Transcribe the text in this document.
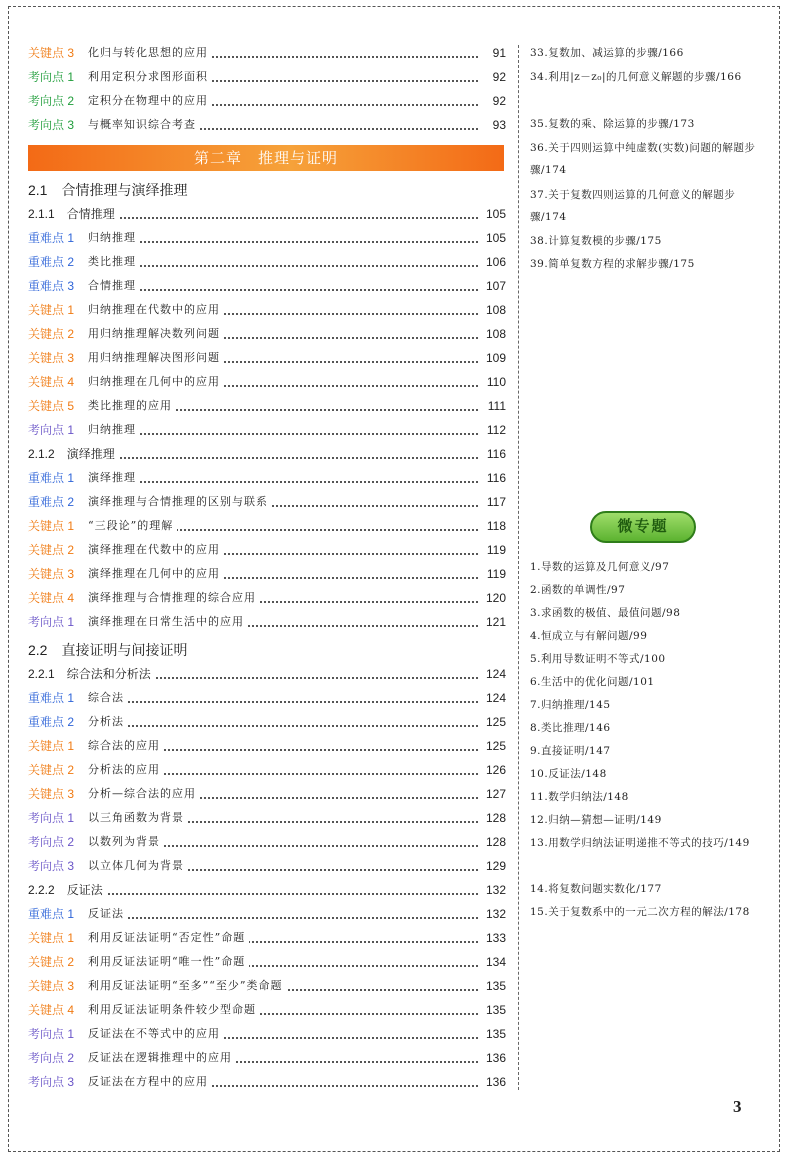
第二章　推理与证明
关键点 3 化归与转化思想的应用	91
考向点 1 利用定积分求图形面积	92
考向点 2 定积分在物理中的应用	92
考向点 3 与概率知识综合考查	93
2.1　合情推理与演绎推理
2.1.1　合情推理	105
重难点 1 归纳推理	105
重难点 2 类比推理	106
重难点 3 合情推理	107
关键点 1 归纳推理在代数中的应用	108
关键点 2 用归纳推理解决数列问题	108
关键点 3 用归纳推理解决图形问题	109
关键点 4 归纳推理在几何中的应用	110
关键点 5 类比推理的应用	111
考向点 1 归纳推理	112
2.1.2　演绎推理	116
重难点 1 演绎推理	116
重难点 2 演绎推理与合情推理的区别与联系	117
关键点 1 “三段论”的理解	118
关键点 2 演绎推理在代数中的应用	119
关键点 3 演绎推理在几何中的应用	119
关键点 4 演绎推理与合情推理的综合应用	120
考向点 1 演绎推理在日常生活中的应用	121
2.2　直接证明与间接证明
2.2.1　综合法和分析法	124
重难点 1 综合法	124
重难点 2 分析法	125
关键点 1 综合法的应用	125
关键点 2 分析法的应用	126
关键点 3 分析—综合法的应用	127
考向点 1 以三角函数为背景	128
考向点 2 以数列为背景	128
考向点 3 以立体几何为背景	129
2.2.2　反证法	132
重难点 1 反证法	132
关键点 1 利用反证法证明“否定性”命题	133
关键点 2 利用反证法证明“唯一性”命题	134
关键点 3 利用反证法证明“至多”“至少”类命题	135
关键点 4 利用反证法证明条件较少型命题	135
考向点 1 反证法在不等式中的应用	135
考向点 2 反证法在逻辑推理中的应用	136
考向点 3 反证法在方程中的应用	136
33.复数加、减运算的步骤/166
34.利用|z－z₀|的几何意义解题的步骤/166
35.复数的乘、除运算的步骤/173
36.关于四则运算中纯虚数(实数)问题的解题步骤/174
37.关于复数四则运算的几何意义的解题步骤/174
38.计算复数模的步骤/175
39.简单复数方程的求解步骤/175
1.导数的运算及几何意义/97
2.函数的单调性/97
3.求函数的极值、最值问题/98
4.恒成立与有解问题/99
5.利用导数证明不等式/100
6.生活中的优化问题/101
7.归纳推理/145
8.类比推理/146
9.直接证明/147
10.反证法/148
11.数学归纳法/148
12.归纳—猜想—证明/149
13.用数学归纳法证明递推不等式的技巧/149
14.将复数问题实数化/177
15.关于复数系中的一元二次方程的解法/178
微专题
3
